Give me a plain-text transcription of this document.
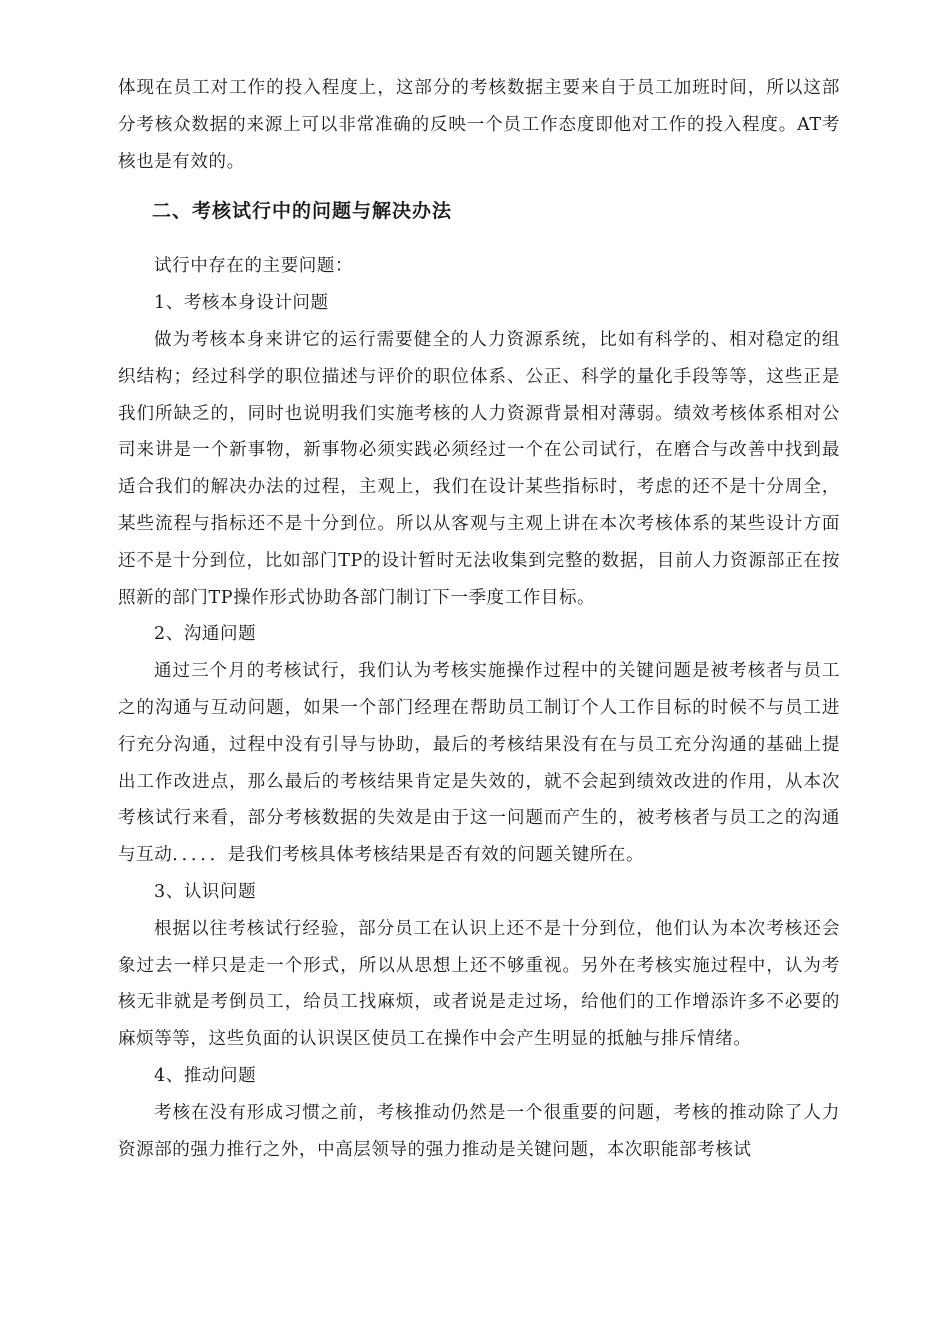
体现在员工对工作的投入程度上，这部分的考核数据主要来自于员工加班时间，所以这部分考核众数据的来源上可以非常准确的反映一个员工作态度即他对工作的投入程度。AT考核也是有效的。

二、考核试行中的问题与解决办法

试行中存在的主要问题：

1、考核本身设计问题

做为考核本身来讲它的运行需要健全的人力资源系统，比如有科学的、相对稳定的组织结构；经过科学的职位描述与评价的职位体系、公正、科学的量化手段等等，这些正是我们所缺乏的，同时也说明我们实施考核的人力资源背景相对薄弱。绩效考核体系相对公司来讲是一个新事物，新事物必须实践必须经过一个在公司试行，在磨合与改善中找到最适合我们的解决办法的过程，主观上，我们在设计某些指标时，考虑的还不是十分周全，某些流程与指标还不是十分到位。所以从客观与主观上讲在本次考核体系的某些设计方面还不是十分到位，比如部门TP的设计暂时无法收集到完整的数据，目前人力资源部正在按照新的部门TP操作形式协助各部门制订下一季度工作目标。

2、沟通问题

通过三个月的考核试行，我们认为考核实施操作过程中的关键问题是被考核者与员工之的沟通与互动问题，如果一个部门经理在帮助员工制订个人工作目标的时候不与员工进行充分沟通，过程中没有引导与协助，最后的考核结果没有在与员工充分沟通的基础上提出工作改进点，那么最后的考核结果肯定是失效的，就不会起到绩效改进的作用，从本次考核试行来看，部分考核数据的失效是由于这一问题而产生的，被考核者与员工之的沟通与互动．．．．．是我们考核具体考核结果是否有效的问题关键所在。

3、认识问题

根据以往考核试行经验，部分员工在认识上还不是十分到位，他们认为本次考核还会象过去一样只是走一个形式，所以从思想上还不够重视。另外在考核实施过程中，认为考核无非就是考倒员工，给员工找麻烦，或者说是走过场，给他们的工作增添许多不必要的麻烦等等，这些负面的认识误区使员工在操作中会产生明显的抵触与排斥情绪。

4、推动问题

考核在没有形成习惯之前，考核推动仍然是一个很重要的问题，考核的推动除了人力资源部的强力推行之外，中高层领导的强力推动是关键问题，本次职能部考核试
